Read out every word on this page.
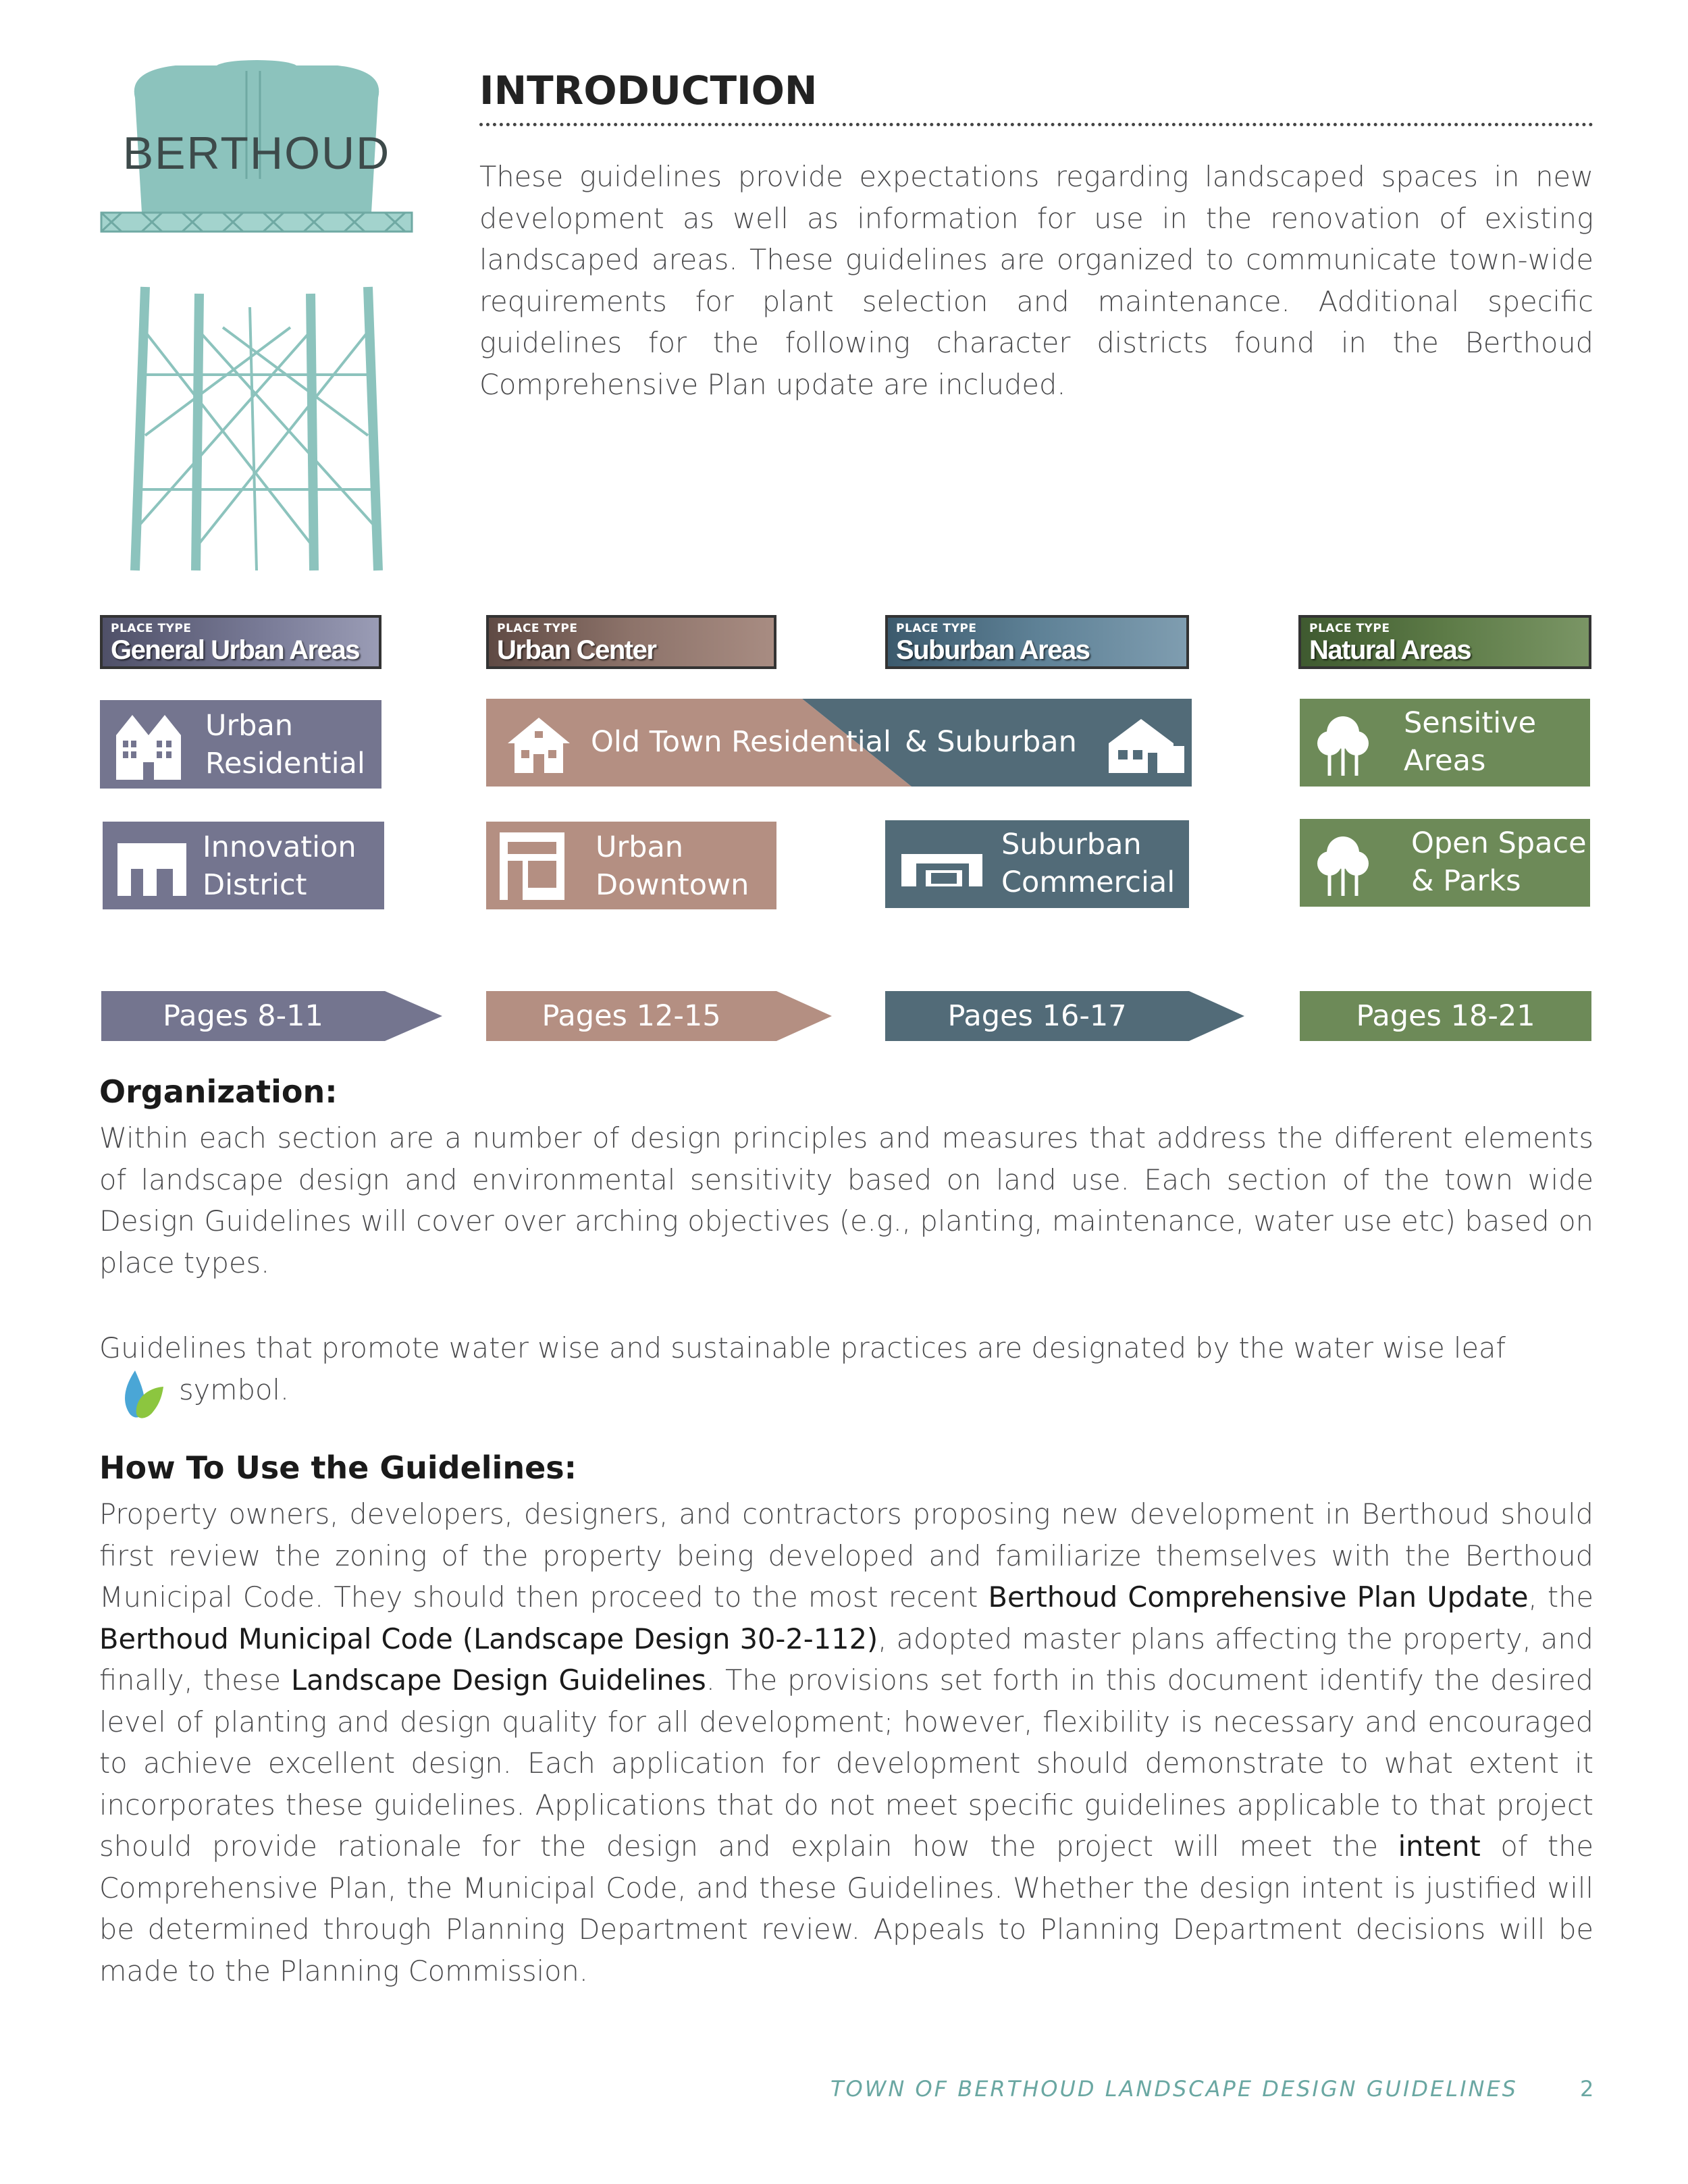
BERTHOUD
INTRODUCTION
These guidelines provide expectations regarding landscaped spaces in new development as well as information for use in the renovation of existing landscaped areas. These guidelines are organized to communicate town-wide requirements for plant selection and maintenance. Additional specific guidelines for the following character districts found in the Berthoud Comprehensive Plan update are included.
PLACE TYPE
General Urban Areas
PLACE TYPE
Urban Center
PLACE TYPE
Suburban Areas
PLACE TYPE
Natural Areas
Urban
Residential
Old Town Residential & Suburban
Sensitive
Areas
Innovation
District
Urban
Downtown
Suburban
Commercial
Open Space
& Parks
Pages 8-11	Pages 12-15	Pages 16-17	Pages 18-21
Organization:
Within each section are a number of design principles and measures that address the different elements of landscape design and environmental sensitivity based on land use. Each section of the town wide Design Guidelines will cover over arching objectives (e.g., planting, maintenance, water use etc) based on place types.
Guidelines that promote water wise and sustainable practices are designated by the water wise leaf
symbol.
How To Use the Guidelines:
Property owners, developers, designers, and contractors proposing new development in Berthoud should first review the zoning of the property being developed and familiarize themselves with the Berthoud Municipal Code. They should then proceed to the most recent Berthoud Comprehensive Plan Update, the Berthoud Municipal Code (Landscape Design 30-2-112), adopted master plans affecting the property, and finally, these Landscape Design Guidelines. The provisions set forth in this document identify the desired level of planting and design quality for all development; however, flexibility is necessary and encouraged to achieve excellent design. Each application for development should demonstrate to what extent it incorporates these guidelines. Applications that do not meet specific guidelines applicable to that project should provide rationale for the design and explain how the project will meet the intent of the Comprehensive Plan, the Municipal Code, and these Guidelines. Whether the design intent is justified will be determined through Planning Department review. Appeals to Planning Department decisions will be made to the Planning Commission.
TOWN OF BERTHOUD LANDSCAPE DESIGN GUIDELINES	2
